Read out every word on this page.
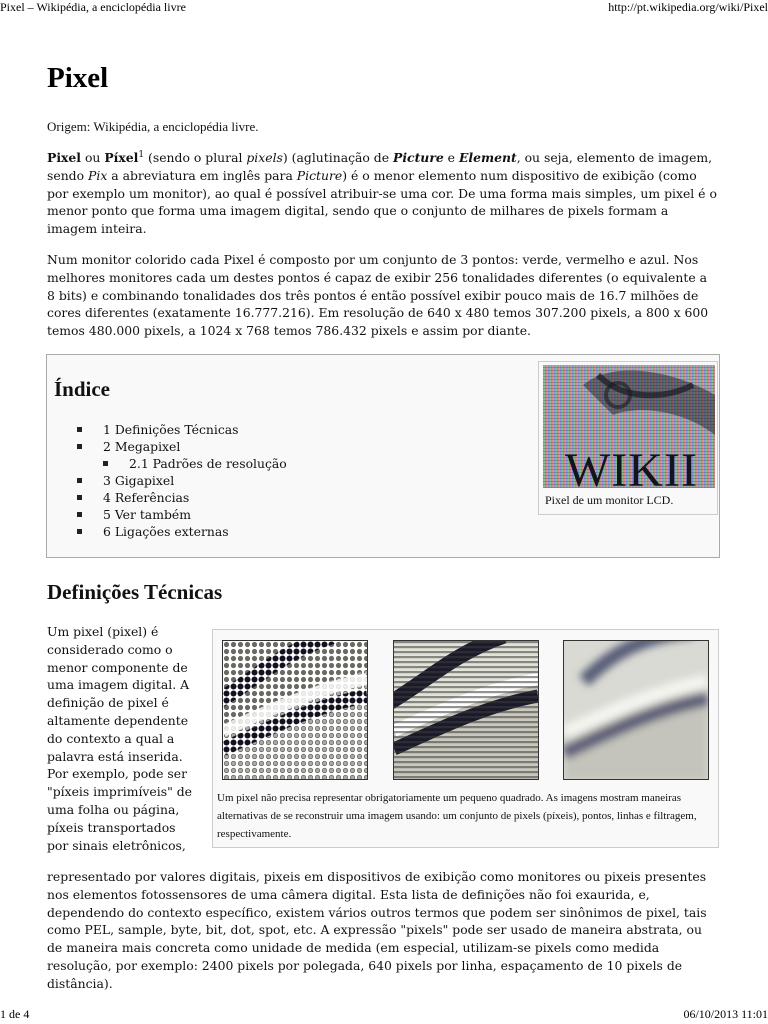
Pixel – Wikipédia, a enciclopédia livre	http://pt.wikipedia.org/wiki/Pixel
Pixel
Origem: Wikipédia, a enciclopédia livre.

Pixel ou Píxel$^1$ (sendo o plural pixels) (aglutinação de Picture e Element, ou seja, elemento de imagem, sendo Pix a abreviatura em inglês para Picture) é o menor elemento num dispositivo de exibição (como por exemplo um monitor), ao qual é possível atribuir-se uma cor. De uma forma mais simples, um pixel é o menor ponto que forma uma imagem digital, sendo que o conjunto de milhares de pixels formam a imagem inteira.

Num monitor colorido cada Pixel é composto por um conjunto de 3 pontos: verde, vermelho e azul. Nos melhores monitores cada um destes pontos é capaz de exibir 256 tonalidades diferentes (o equivalente a 8 bits) e combinando tonalidades dos três pontos é então possível exibir pouco mais de 16.7 milhões de cores diferentes (exatamente 16.777.216). Em resolução de 640 x 480 temos 307.200 pixels, a 800 x 600 temos 480.000 pixels, a 1024 x 768 temos 786.432 pixels e assim por diante.

Índice
1 Definições Técnicas
2 Megapixel
2.1 Padrões de resolução
3 Gigapixel
4 Referências
5 Ver também
6 Ligações externas
WIKII
Pixel de um monitor LCD.
Definições Técnicas

Um pixel (pixel) é considerado como o menor componente de uma imagem digital. A definição de pixel é altamente dependente do contexto a qual a palavra está inserida. Por exemplo, pode ser "píxeis imprimíveis" de uma folha ou página, píxeis transportados por sinais eletrônicos,

Um pixel não precisa representar obrigatoriamente um pequeno quadrado. As imagens mostram maneiras alternativas de se reconstruir uma imagem usando: um conjunto de pixels (píxeis), pontos, linhas e filtragem, respectivamente.

representado por valores digitais, pixeis em dispositivos de exibição como monitores ou pixeis presentes nos elementos fotossensores de uma câmera digital. Esta lista de definições não foi exaurida, e, dependendo do contexto específico, existem vários outros termos que podem ser sinônimos de pixel, tais como PEL, sample, byte, bit, dot, spot, etc. A expressão "pixels" pode ser usado de maneira abstrata, ou de maneira mais concreta como unidade de medida (em especial, utilizam-se pixels como medida resolução, por exemplo: 2400 pixels por polegada, 640 pixels por linha, espaçamento de 10 pixels de distância).

1 de 4	06/10/2013 11:01
